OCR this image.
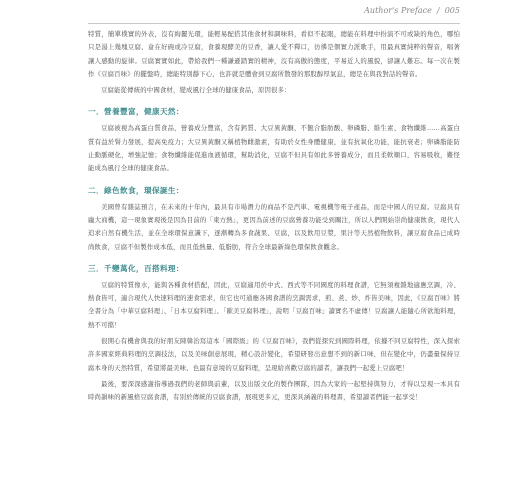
Author's Preface / 005

特質，簡單樸實的外表，沒有絢麗光環，能輕易配搭其他食材和調味料，看似不起眼，總能在料理中扮演不可或缺的角色，哪怕只是湯上幾塊豆腐、盒在好碗或冷豆腐，食養現酵美的豆香，讓人愛不釋口，彷彿是個實力派歌手，用最真實純粹的聲音，唱著讓人感動的旋律。豆腐實實如此，帶給我們一種謙遜踏實的精神，沒有高傲的態度，平易近人的風貌，卻讓人難忘。每一次在製作《豆腐百味》的擺盤時，總能特別靜下心，也許就是體會到豆腐所散發的那股醇厚氣息，總是在與我對話的聲音。

豆腐能從傳統的中國食材，變成風行全球的健康食品，原因很多：

一．營養豐富，健康天然：

豆腐被視為高蛋白質食品，營養成分豐富，含有鈣質、大豆異黃酮、不飽合脂肪酸、卵磷脂、維生素、食物纖維……高蛋白質有益於腎力發展，提高免疫力；大豆異黃酮又稱植物雌激素，有助於女性身體健康，並有抗氧化功能，能抗衰老；卵磷脂能防止動脈硬化，增強記憶；食物纖維能促進血液循環，幫助消化，豆腐不但具有如此多營養成分，而且柔軟順口，容易吸收，難怪能成為風行全球的健康食品。

二．綠色飲食，環保誕生：

美國曾有雜誌預言，在未來的十年內，最具有市場潛力的商品不是汽車、電視機等電子產品，而是中國人的豆腐。豆腐具有龐大商機，這一現象實現後是因為目前的「東方熱」，更因為前述的豆腐營養功能受到關注，所以人們開始崇尚健康飲食，現代人追求自然有機生活，並在全球環保意識下，逐漸轉為多食蔬果、豆腐，以及飲用豆漿，果汁等天然植物飲料，讓豆腐食品已成時尚飲食，豆腐不但製作成本低，而且低熱量、低脂肪，符合全球最新綠色環保飲食觀念。

三．千變萬化，百搭料理：

豆腐的特質像水，能與各種食材搭配，因此，豆腐適用於中式、西式等不同國度的料理食譜，它無須複雜地適應烹調，冷、熱食皆可，適合現代人快速料理的速食需求，但它也可通應各國食譜的烹調需求，煎、煮、炒、炸皆美味，因此，《豆腐百味》將全書分為「中華豆腐料理」、「日本豆腐料理」、「歐美豆腐料理」，說明「豆腐百味」讀實名不虛傳！豆腐讓人能隨心所欲地料理，熱不可擋！

很開心有機會與我的好朋友陳韓治寫這本「國際級」的《豆腐百味》，我們從探究到國際料理，依據不同豆腐特性，深入探索許多國家經典料理的烹調技法，以及美味創意展現，精心設計變化，希望研發出意想不到的新口味，但在變化中，仍盡量保持豆腐本身的天然特質，希望將最美味、也最有意境的豆腐料理，呈現給喜歡豆腐的讀者，讓我們一起愛上豆腐吧！

最後，要深深感謝指導過我們的老師與前輩，以及出版文化的製作團隊，因為大家的一起堅持與努力，才得以呈現一本具有時尚韻味的新風格豆腐食譜，有別於傳統的豆腐食譜，展現更多元，更深具涵義的料理書，希望讀者們能一起享受！
